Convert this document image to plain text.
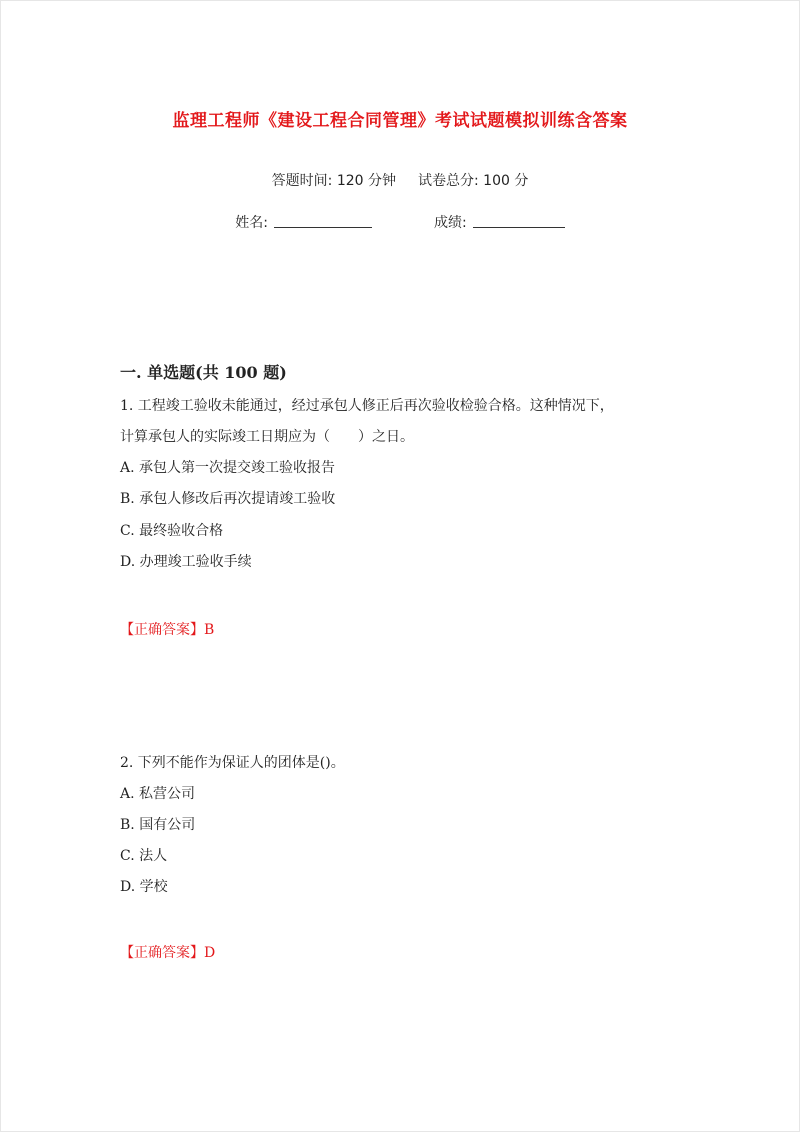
监理工程师《建设工程合同管理》考试试题模拟训练含答案
答题时间: 120 分钟 试卷总分: 100 分
姓名:	成绩:
一. 单选题(共 100 题)
1. 工程竣工验收未能通过，经过承包人修正后再次验收检验合格。这种情况下，
计算承包人的实际竣工日期应为（　　）之日。
A. 承包人第一次提交竣工验收报告
B. 承包人修改后再次提请竣工验收
C. 最终验收合格
D. 办理竣工验收手续
【正确答案】B
2. 下列不能作为保证人的团体是()。
A. 私营公司
B. 国有公司
C. 法人
D. 学校
【正确答案】D
